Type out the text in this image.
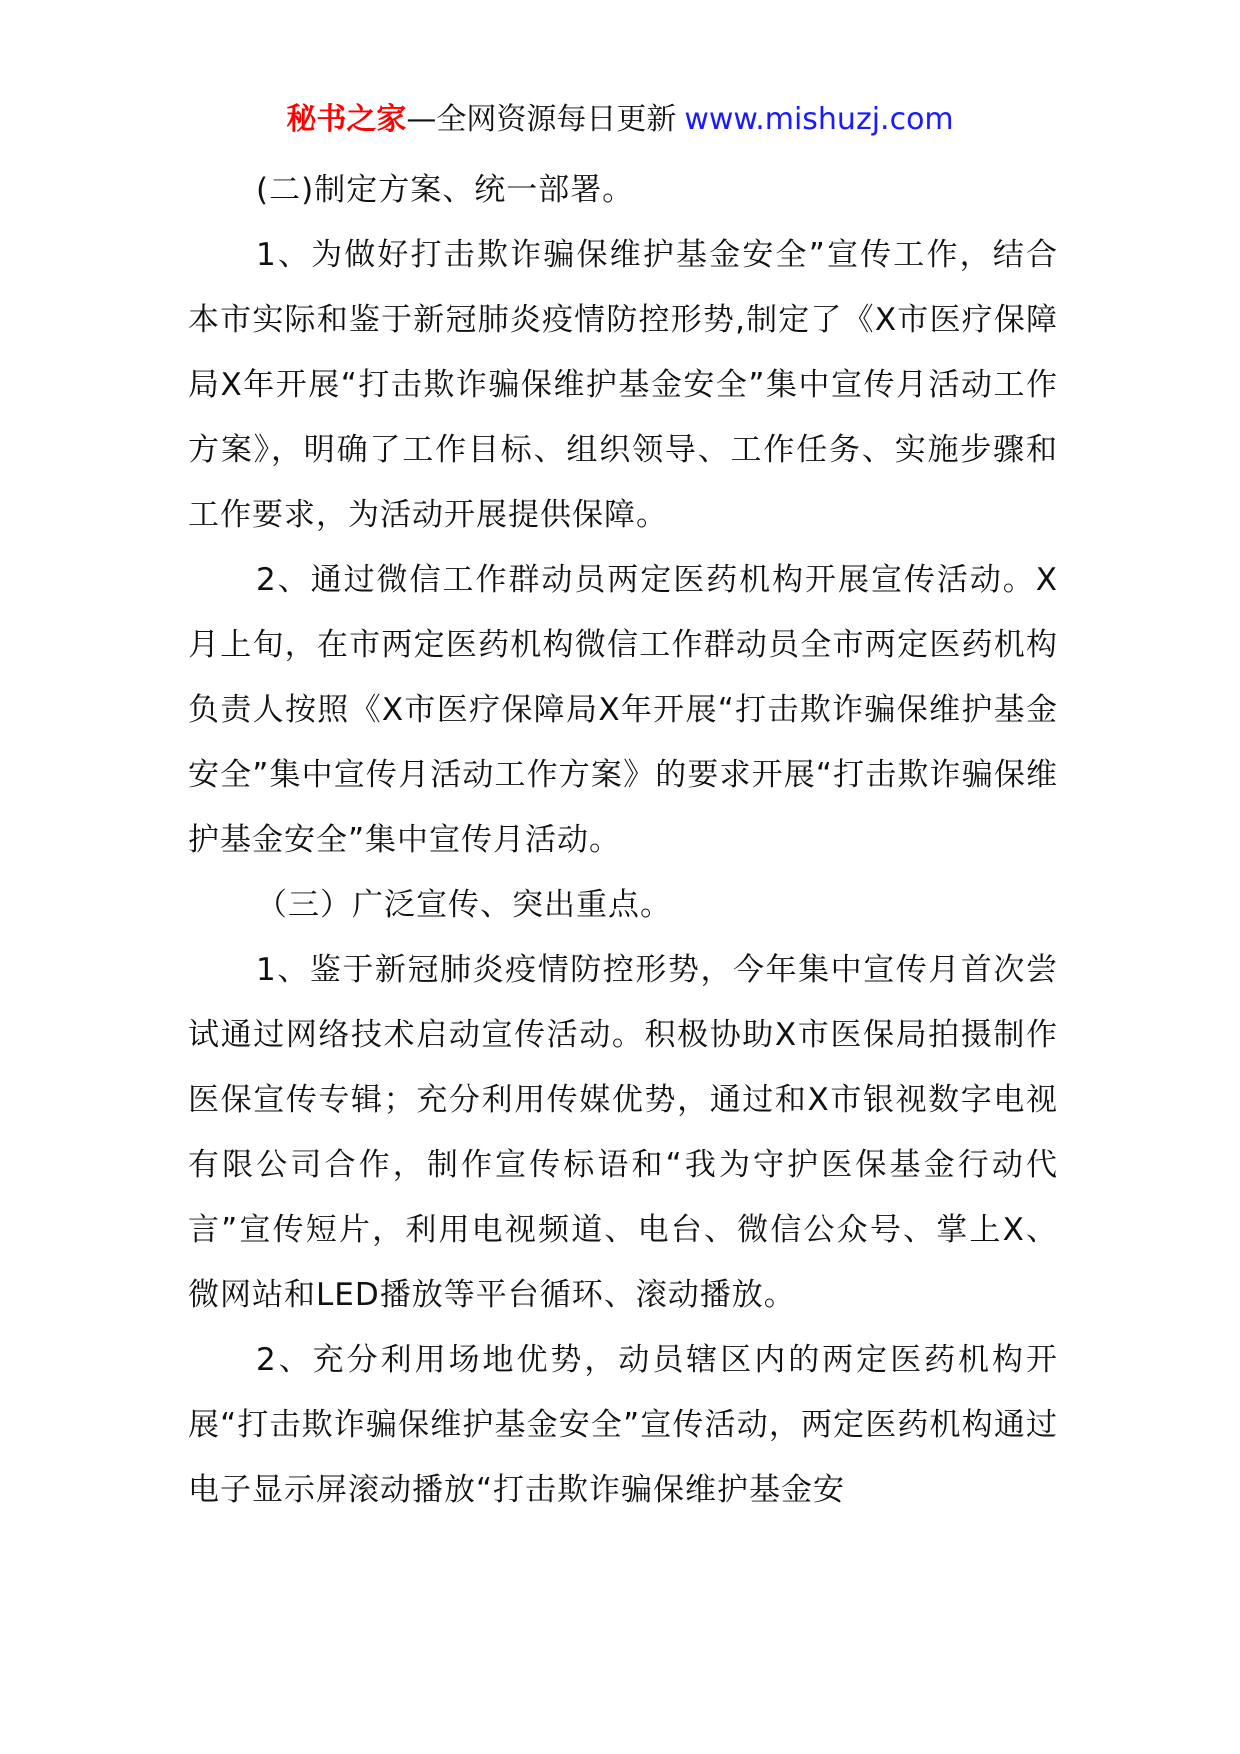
秘书之家—全网资源每日更新 www.mishuzj.com

(二)制定方案、统一部署。

1、为做好打击欺诈骗保维护基金安全”宣传工作，结合本市实际和鉴于新冠肺炎疫情防控形势,制定了《X市医疗保障局X年开展“打击欺诈骗保维护基金安全”集中宣传月活动工作方案》，明确了工作目标、组织领导、工作任务、实施步骤和工作要求，为活动开展提供保障。

2、通过微信工作群动员两定医药机构开展宣传活动。X月上旬，在市两定医药机构微信工作群动员全市两定医药机构负责人按照《X市医疗保障局X年开展“打击欺诈骗保维护基金安全”集中宣传月活动工作方案》的要求开展“打击欺诈骗保维护基金安全”集中宣传月活动。

（三）广泛宣传、突出重点。

1、鉴于新冠肺炎疫情防控形势，今年集中宣传月首次尝试通过网络技术启动宣传活动。积极协助X市医保局拍摄制作医保宣传专辑；充分利用传媒优势，通过和X市银视数字电视有限公司合作，制作宣传标语和“我为守护医保基金行动代言”宣传短片，利用电视频道、电台、微信公众号、掌上X、微网站和LED播放等平台循环、滚动播放。

2、充分利用场地优势，动员辖区内的两定医药机构开展“打击欺诈骗保维护基金安全”宣传活动，两定医药机构通过电子显示屏滚动播放“打击欺诈骗保维护基金安
